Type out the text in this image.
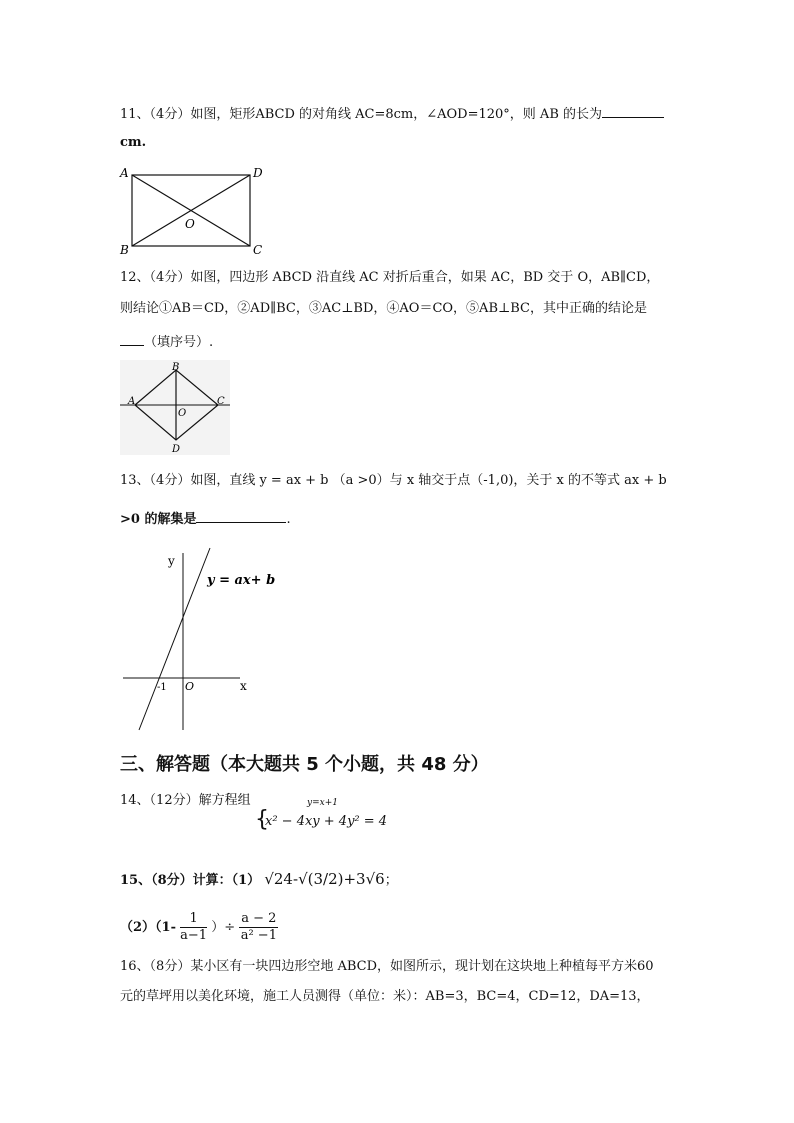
11、（4分）如图，矩形ABCD 的对角线 AC=8cm，∠AOD=120°，则 AB 的长为
cm.
A	D
B	C
O
12、（4分）如图，四边形 ABCD 沿直线 AC 对折后重合，如果 AC，BD 交于 O，AB∥CD，
则结论①AB＝CD，②AD∥BC，③AC⊥BD，④AO＝CO，⑤AB⊥BC，其中正确的结论是
（填序号）.
B
A	C
D
O
13、（4分）如图，直线 y = ax + b （a >0）与 x 轴交于点（-1,0)，关于 x 的不等式 ax + b
>0 的解集是	.
y
x
O
-1
y = ax+ b
三、解答题（本大题共 5 个小题，共 48 分）
14、（12分）解方程组
{
y=x+1
x² − 4xy + 4y² = 4
15、（8分）计算：（1） √24-√(3/2)+3√6；
$(2)(1- \frac{1}{a-1}$ ）÷ $\frac{a - 2}{\text{a² −1}}$
16、（8分）某小区有一块四边形空地 ABCD，如图所示，现计划在这块地上种植每平方米60
元的草坪用以美化环境，施工人员测得（单位：米）：AB=3，BC=4，CD=12，DA=13，
